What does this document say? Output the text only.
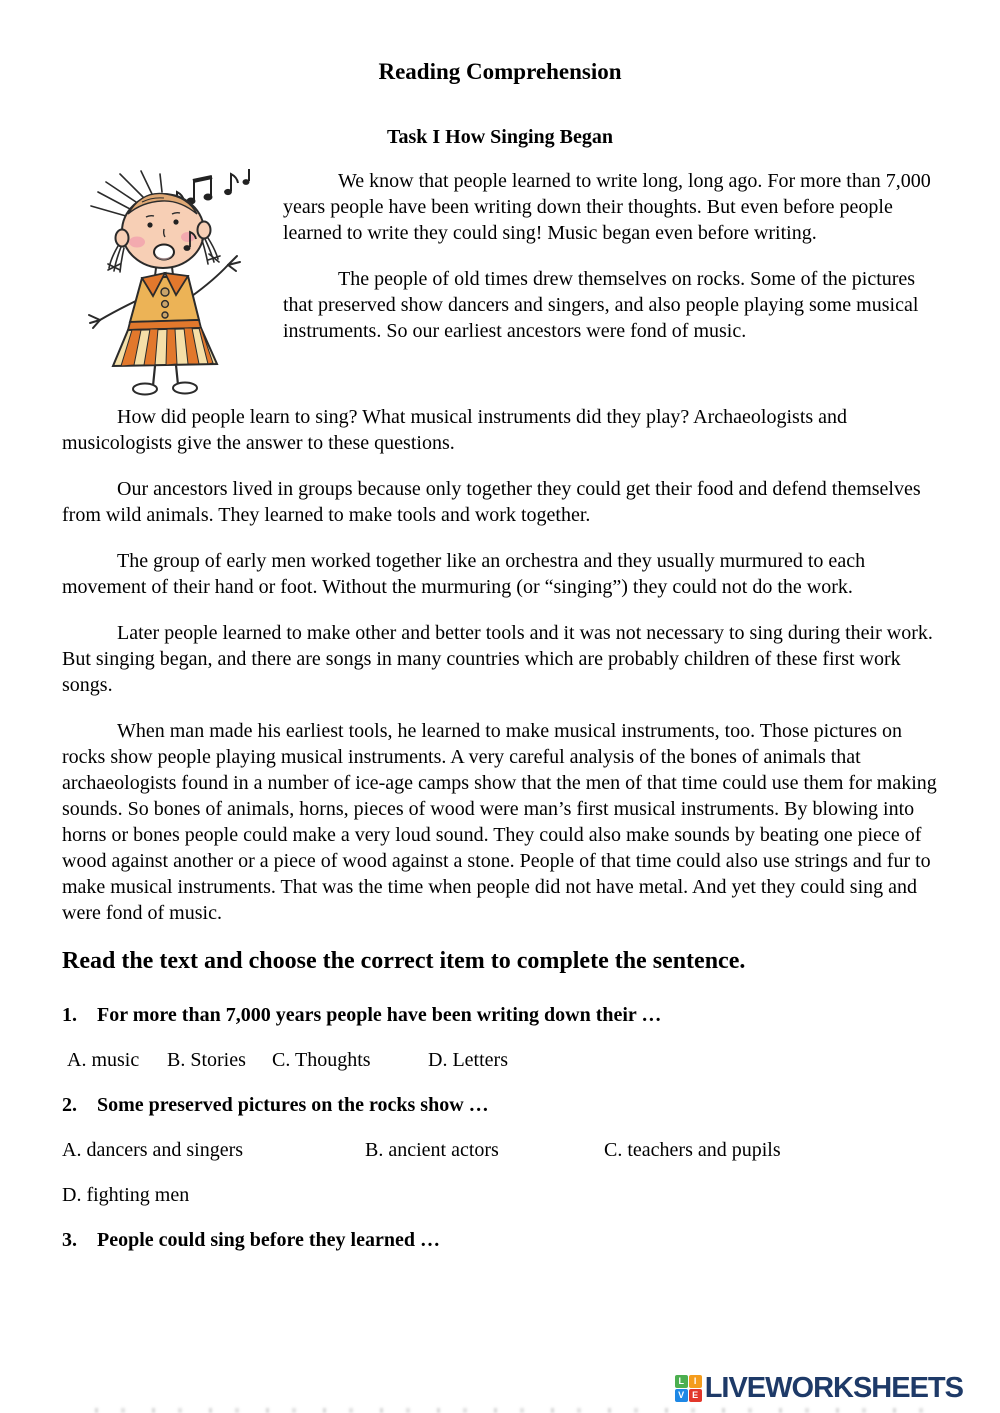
Reading Comprehension
Task I How Singing Began

We know that people learned to write long, long ago. For more than 7,000 years people have been writing down their thoughts. But even before people learned to write they could sing! Music began even before writing.

The people of old times drew themselves on rocks. Some of the pictures that preserved show dancers and singers, and also people playing some musical instruments. So our earliest ancestors were fond of music.

How did people learn to sing? What musical instruments did they play? Archaeologists and musicologists give the answer to these questions.

Our ancestors lived in groups because only together they could get their food and defend themselves from wild animals. They learned to make tools and work together.

The group of early men worked together like an orchestra and they usually murmured to each movement of their hand or foot. Without the murmuring (or “singing”) they could not do the work.

Later people learned to make other and better tools and it was not necessary to sing during their work. But singing began, and there are songs in many countries which are probably children of these first work songs.

When man made his earliest tools, he learned to make musical instruments, too. Those pictures on rocks show people playing musical instruments. A very careful analysis of the bones of animals that archaeologists found in a number of ice-age camps show that the men of that time could use them for making sounds. So bones of animals, horns, pieces of wood were man’s first musical instruments. By blowing into horns or bones people could make a very loud sound. They could also make sounds by beating one piece of wood against another or a piece of wood against a stone. People of that time could also use strings and fur to make musical instruments. That was the time when people did not have metal. And yet they could sing and were fond of music.

Read the text and choose the correct item to complete the sentence.

1.	For more than 7,000 years people have been writing down their …

A. music B. Stories C. Thoughts	D. Letters

2.	Some preserved pictures on the rocks show …

A. dancers and singers	B. ancient actors	C. teachers and pupils

D. fighting men

3.	People could sing before they learned …

L	I
V E LIVEWORKSHEETS
